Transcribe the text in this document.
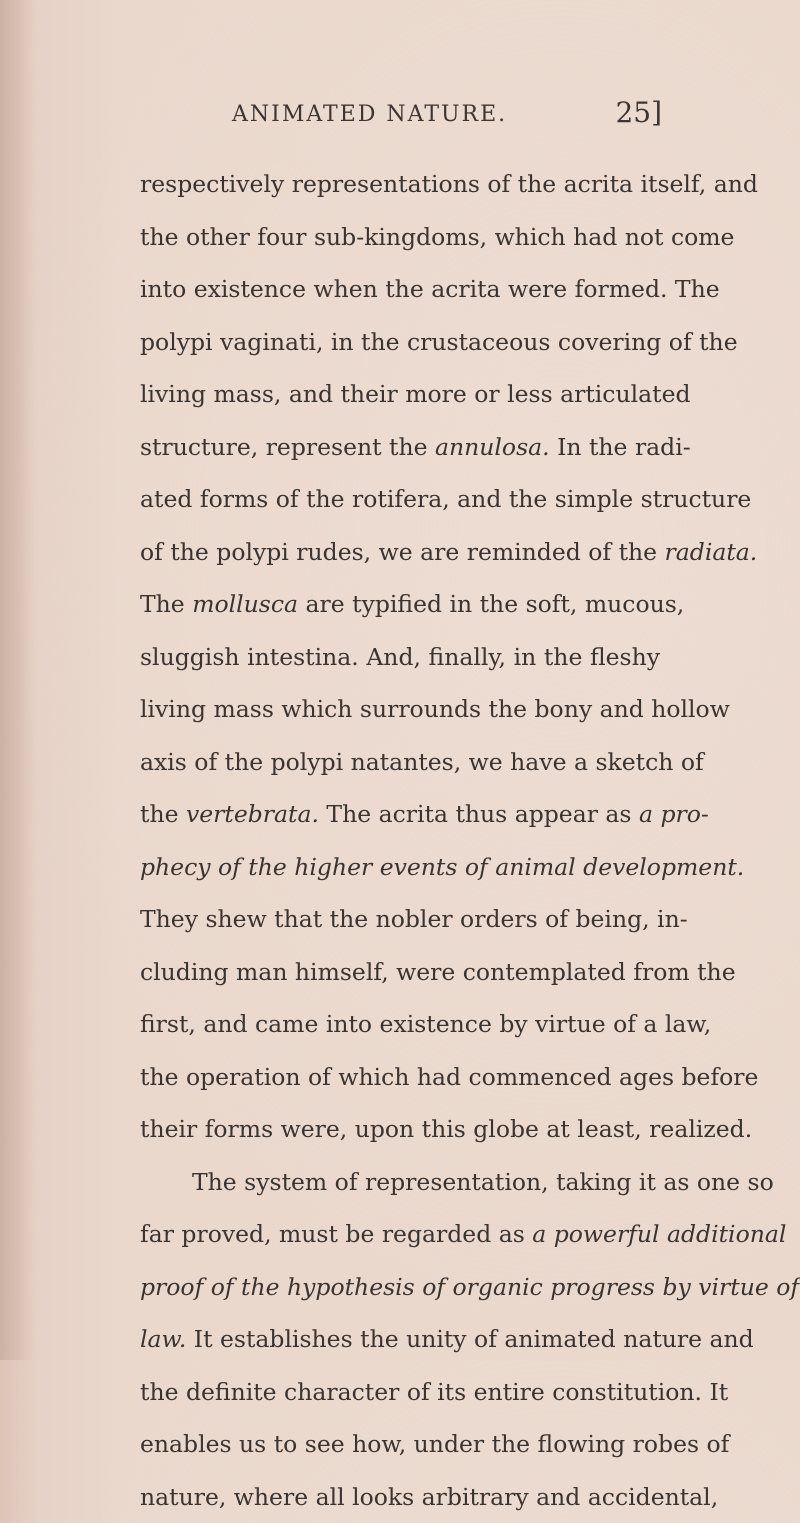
ANIMATED NATURE.	25]
respectively representations of the acrita itself, and
the other four sub-kingdoms, which had not come
into existence when the acrita were formed. The
polypi vaginati, in the crustaceous covering of the
living mass, and their more or less articulated
structure, represent the annulosa. In the radi-
ated forms of the rotifera, and the simple structure
of the polypi rudes, we are reminded of the radiata.
The mollusca are typified in the soft, mucous,
sluggish intestina. And, finally, in the fleshy
living mass which surrounds the bony and hollow
axis of the polypi natantes, we have a sketch of
the vertebrata. The acrita thus appear as a pro-
phecy of the higher events of animal development.
They shew that the nobler orders of being, in-
cluding man himself, were contemplated from the
first, and came into existence by virtue of a law,
the operation of which had commenced ages before
their forms were, upon this globe at least, realized.
The system of representation, taking it as one so
far proved, must be regarded as a powerful additional
proof of the hypothesis of organic progress by virtue of
law. It establishes the unity of animated nature and
the definite character of its entire constitution. It
enables us to see how, under the flowing robes of
nature, where all looks arbitrary and accidental,
